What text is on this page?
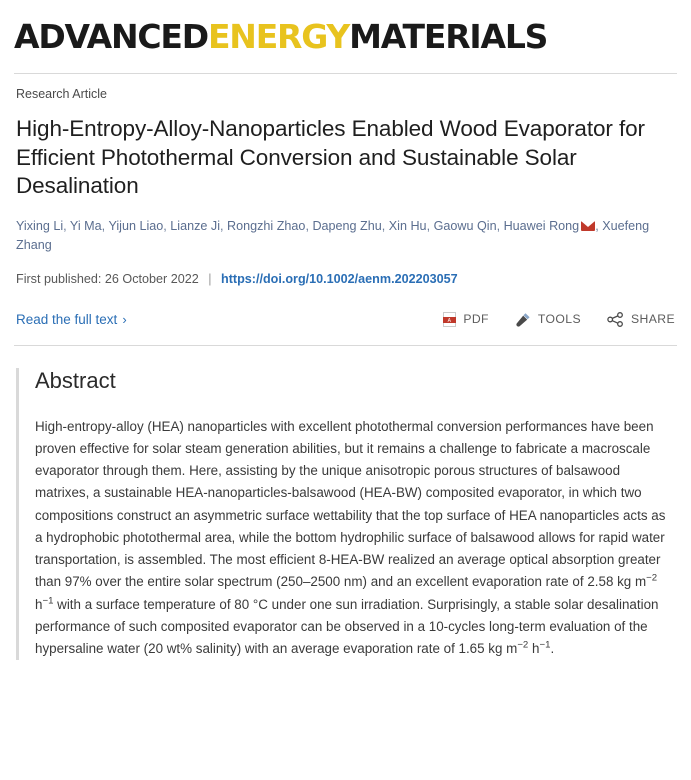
ADVANCEDENERGYMATERIALS
Research Article
High-Entropy-Alloy-Nanoparticles Enabled Wood Evaporator for Efficient Photothermal Conversion and Sustainable Solar Desalination
Yixing Li, Yi Ma, Yijun Liao, Lianze Ji, Rongzhi Zhao, Dapeng Zhu, Xin Hu, Gaowu Qin, Huawei Rong , Xuefeng Zhang
First published: 26 October 2022 | https://doi.org/10.1002/aenm.202203057
Read the full text ›	A PDF	TOOLS	SHARE
Abstract

High-entropy-alloy (HEA) nanoparticles with excellent photothermal conversion performances have been proven effective for solar steam generation abilities, but it remains a challenge to fabricate a macroscale evaporator through them. Here, assisting by the unique anisotropic porous structures of balsawood matrixes, a sustainable HEA-nanoparticles-balsawood (HEA-BW) composited evaporator, in which two compositions construct an asymmetric surface wettability that the top surface of HEA nanoparticles acts as a hydrophobic photothermal area, while the bottom hydrophilic surface of balsawood allows for rapid water transportation, is assembled. The most efficient 8-HEA-BW realized an average optical absorption greater than 97% over the entire solar spectrum (250–2500 nm) and an excellent evaporation rate of 2.58 kg $m^{-2}$ $h^{-1}$ with a surface temperature of 80 °C under one sun irradiation. Surprisingly, a stable solar desalination performance of such composited evaporator can be observed in a 10-cycles long-term evaluation of the hypersaline water (20 wt% salinity) with an average evaporation rate of 1.65 kg $m^{-2}$ $h^{-1}$.
